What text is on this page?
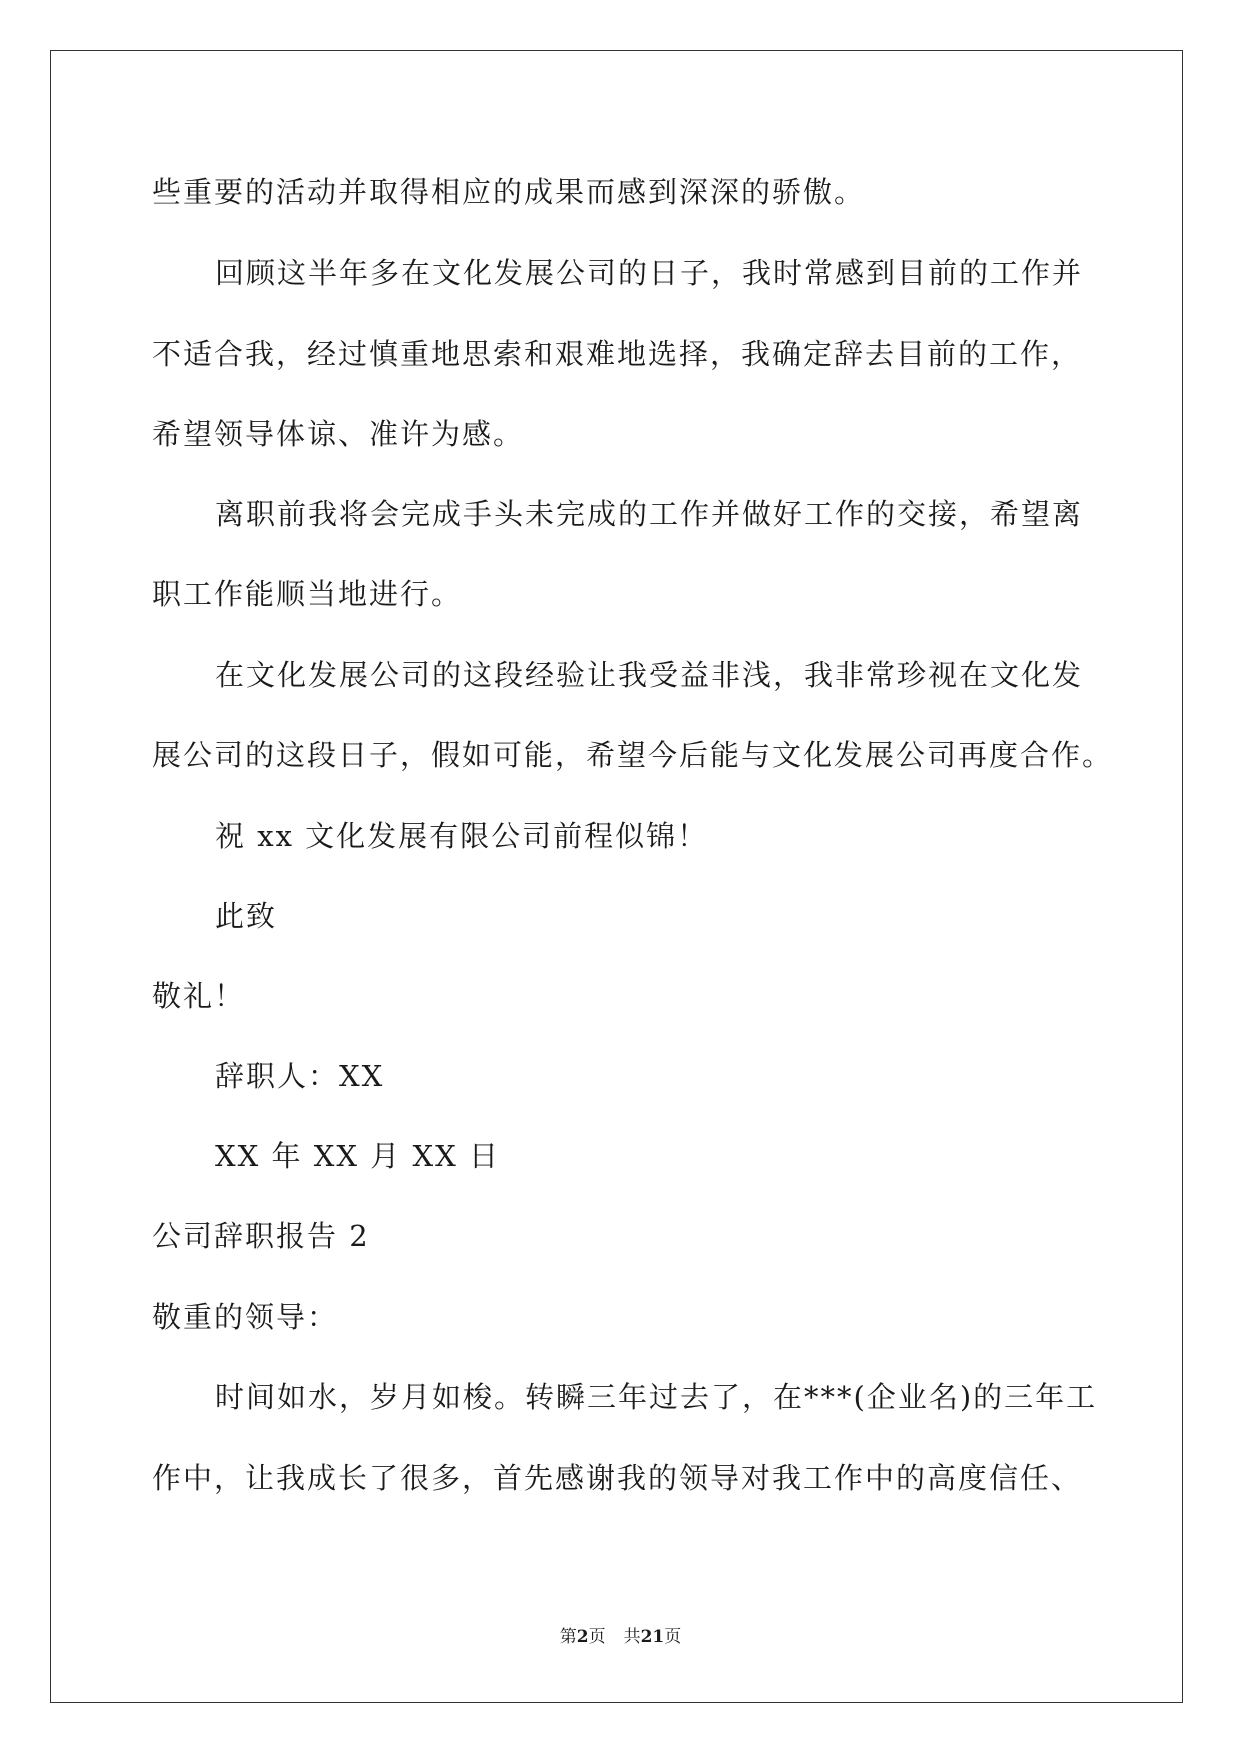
些重要的活动并取得相应的成果而感到深深的骄傲。
回顾这半年多在文化发展公司的日子，我时常感到目前的工作并
不适合我，经过慎重地思索和艰难地选择，我确定辞去目前的工作，
希望领导体谅、准许为感。
离职前我将会完成手头未完成的工作并做好工作的交接，希望离
职工作能顺当地进行。
在文化发展公司的这段经验让我受益非浅，我非常珍视在文化发
展公司的这段日子，假如可能，希望今后能与文化发展公司再度合作。
祝 xx 文化发展有限公司前程似锦！
此致
敬礼！
辞职人：XX
XX 年 XX 月 XX 日
公司辞职报告 2
敬重的领导：
时间如水，岁月如梭。转瞬三年过去了，在***(企业名)的三年工
作中，让我成长了很多，首先感谢我的领导对我工作中的高度信任、
第2页 共21页
